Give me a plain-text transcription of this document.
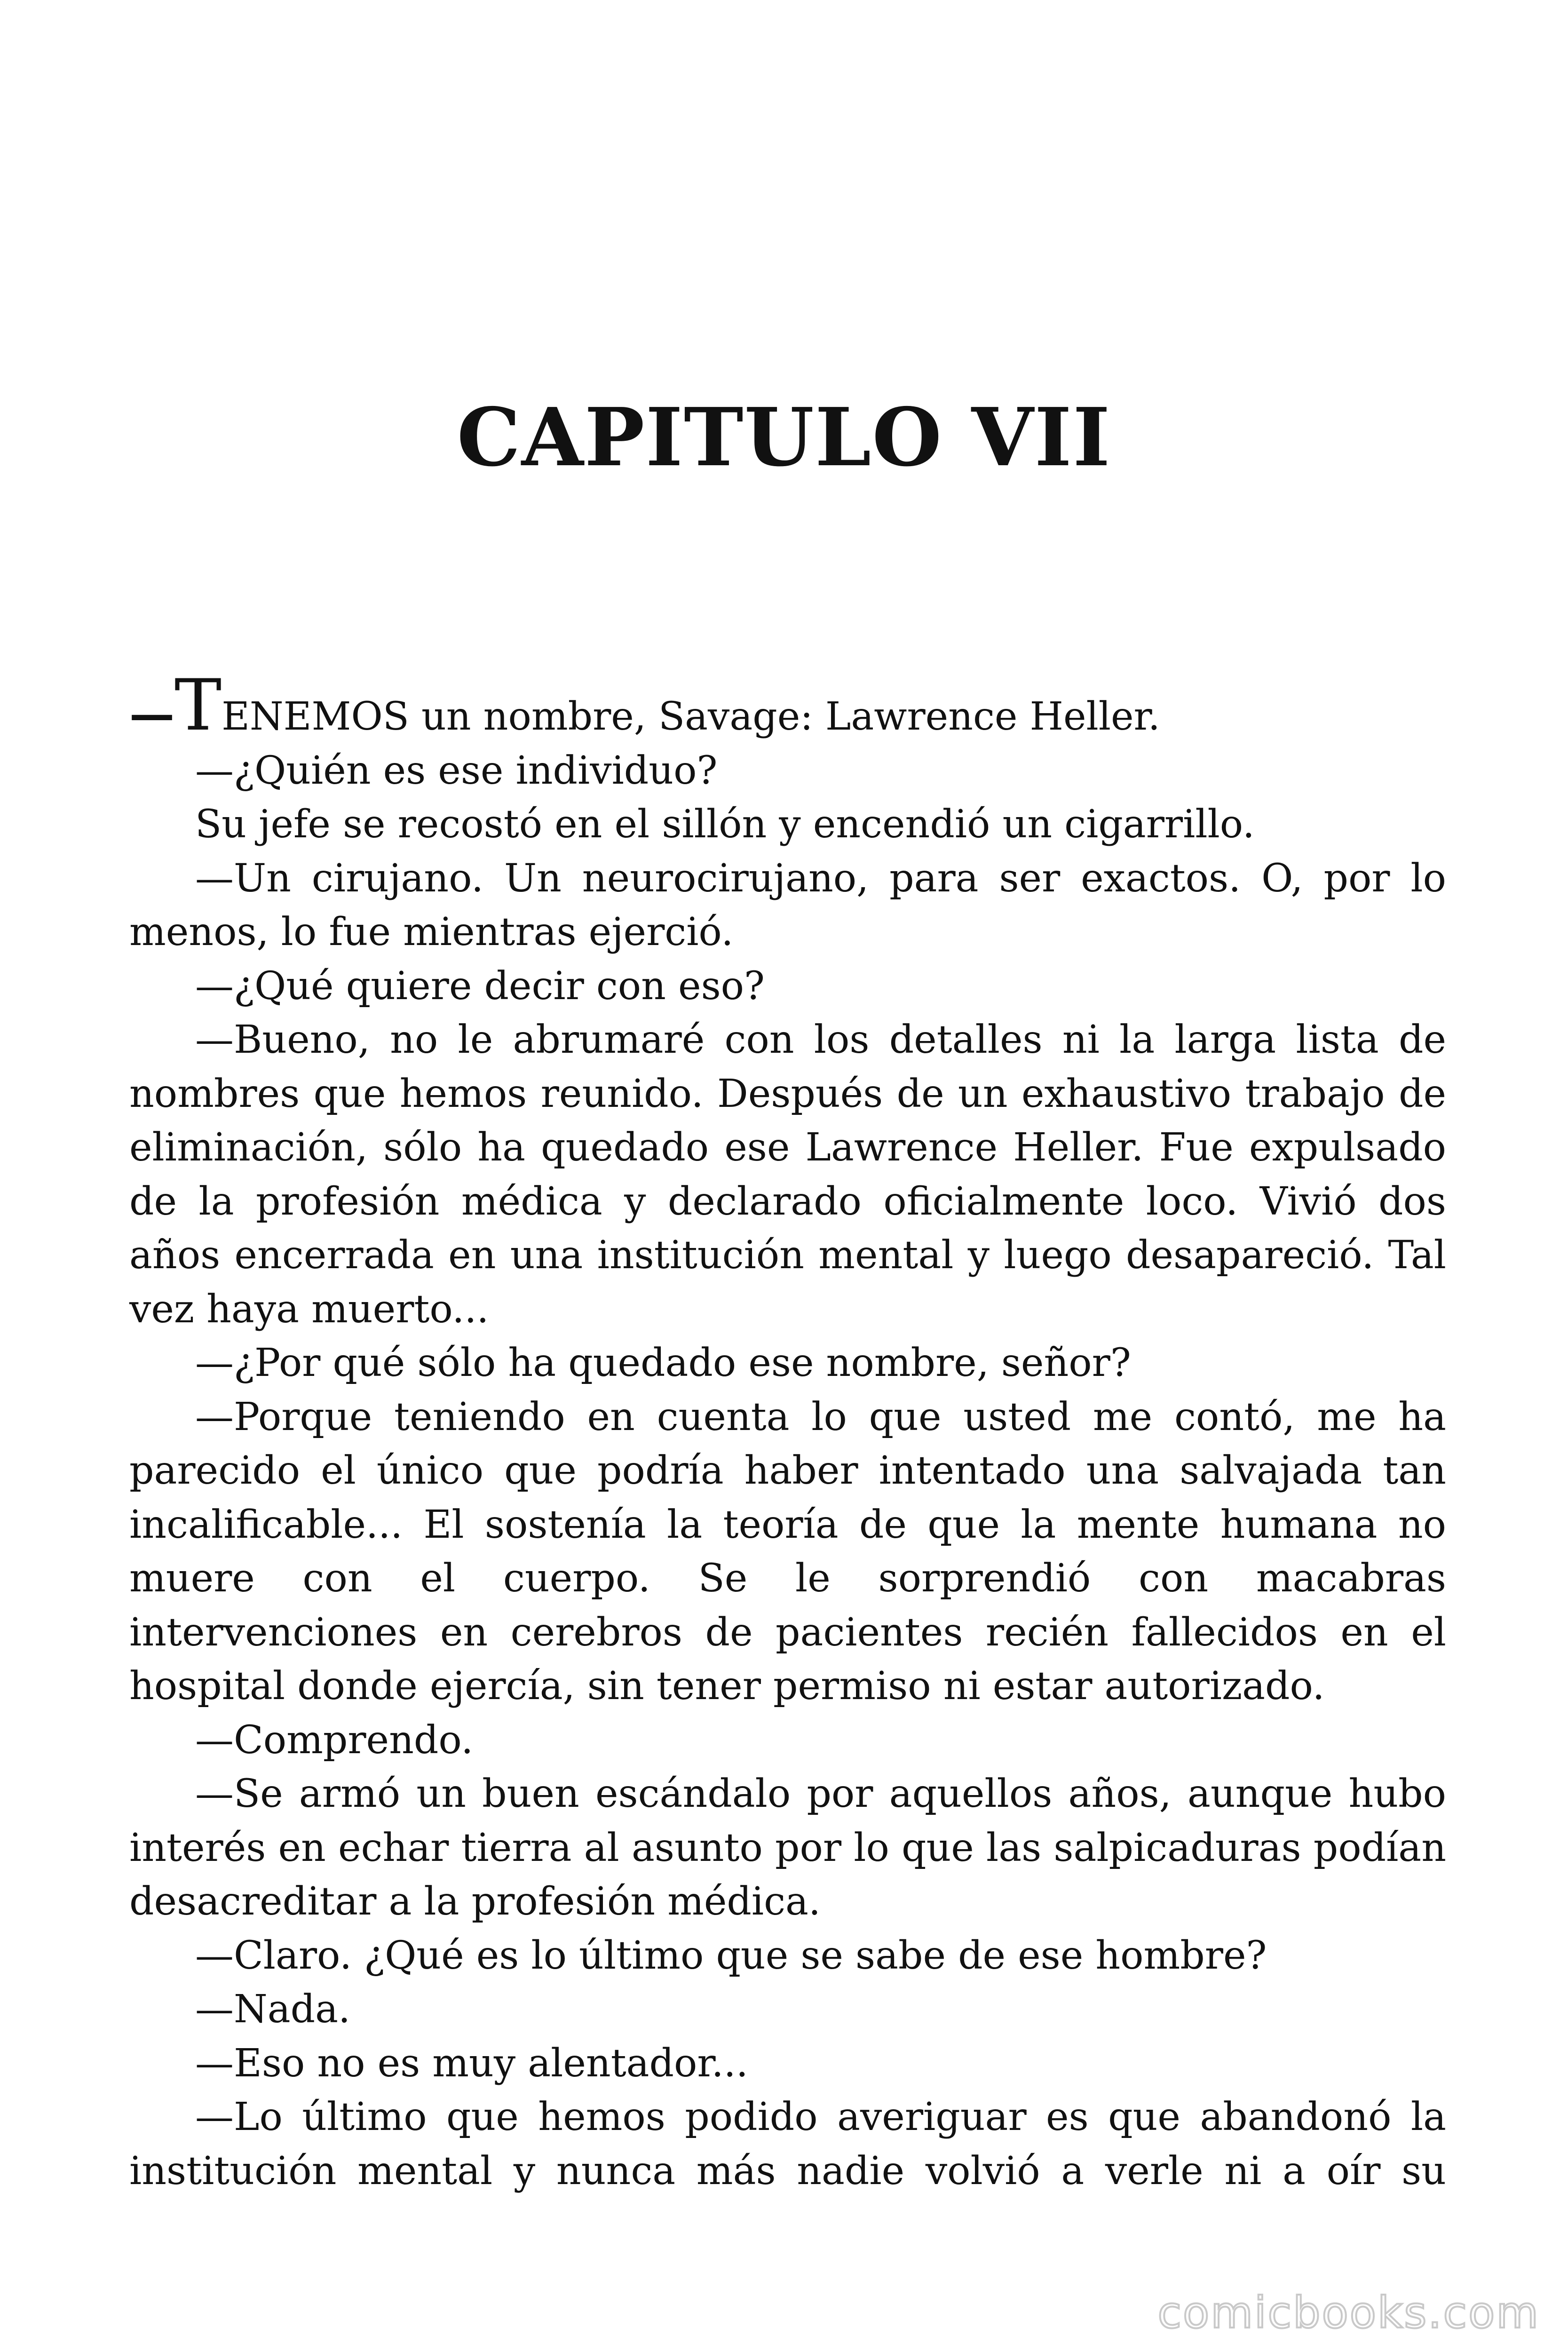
CAPITULO VII

—TENEMOS un nombre, Savage: Lawrence Heller.

—¿Quién es ese individuo?

Su jefe se recostó en el sillón y encendió un cigarrillo.

—Un cirujano. Un neurocirujano, para ser exactos. O, por lo menos, lo fue mientras ejerció.

—¿Qué quiere decir con eso?

—Bueno, no le abrumaré con los detalles ni la larga lista de nombres que hemos reunido. Después de un exhaustivo trabajo de eliminación, sólo ha quedado ese Lawrence Heller. Fue expulsado de la profesión médica y declarado oficialmente loco. Vivió dos años encerrada en una institución mental y luego desapareció. Tal vez haya muerto...

—¿Por qué sólo ha quedado ese nombre, señor?

—Porque teniendo en cuenta lo que usted me contó, me ha parecido el único que podría haber intentado una salvajada tan incalificable... El sostenía la teoría de que la mente humana no muere con el cuerpo. Se le sorprendió con macabras intervenciones en cerebros de pacientes recién fallecidos en el hospital donde ejercía, sin tener permiso ni estar autorizado.

—Comprendo.

—Se armó un buen escándalo por aquellos años, aunque hubo interés en echar tierra al asunto por lo que las salpicaduras podían desacreditar a la profesión médica.

—Claro. ¿Qué es lo último que se sabe de ese hombre?

—Nada.

—Eso no es muy alentador...

—Lo último que hemos podido averiguar es que abandonó la institución mental y nunca más nadie volvió a verle ni a oír su

comicbooks.com
